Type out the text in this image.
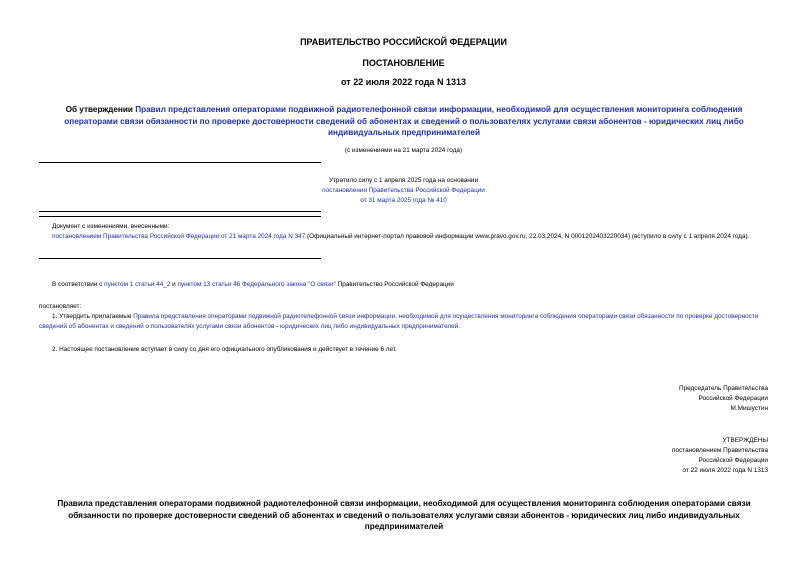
ПРАВИТЕЛЬСТВО РОССИЙСКОЙ ФЕДЕРАЦИИ
ПОСТАНОВЛЕНИЕ
от 22 июля 2022 года N 1313
Об утверждении Правил представления операторами подвижной радиотелефонной связи информации, необходимой для осуществления мониторинга соблюдения операторами связи обязанности по проверке достоверности сведений об абонентах и сведений о пользователях услугами связи абонентов - юридических лиц либо индивидуальных предпринимателей
(с изменениями на 21 марта 2024 года)
Утратило силу с 1 апреля 2025 года на основании
постановления Правительства Российской Федерации
от 31 марта 2025 года № 410
Документ с изменениями, внесенными:
постановлением Правительства Российской Федерации от 21 марта 2024 года N 347 (Официальный интернет-портал правовой информации www.pravo.gov.ru, 22.03.2024, N 0001202403220034) (вступило в силу с 1 апреля 2024 года).
В соответствии с пунктом 1 статьи 44_2 и пунктом 13 статьи 46 Федерального закона "О связи" Правительство Российской Федерации
постановляет:
1. Утвердить прилагаемые Правила представления операторами подвижной радиотелефонной связи информации, необходимой для осуществления мониторинга соблюдения операторами связи обязанности по проверке достоверности сведений об абонентах и сведений о пользователях услугами связи абонентов - юридических лиц либо индивидуальных предпринимателей.
2. Настоящее постановление вступает в силу со дня его официального опубликования и действует в течение 6 лет.
Председатель Правительства
Российской Федерации
М.Мишустин
УТВЕРЖДЕНЫ
постановлением Правительства
Российской Федерации
от 22 июля 2022 года N 1313
Правила представления операторами подвижной радиотелефонной связи информации, необходимой для осуществления мониторинга соблюдения операторами связи обязанности по проверке достоверности сведений об абонентах и сведений о пользователях услугами связи абонентов - юридических лиц либо индивидуальных предпринимателей
